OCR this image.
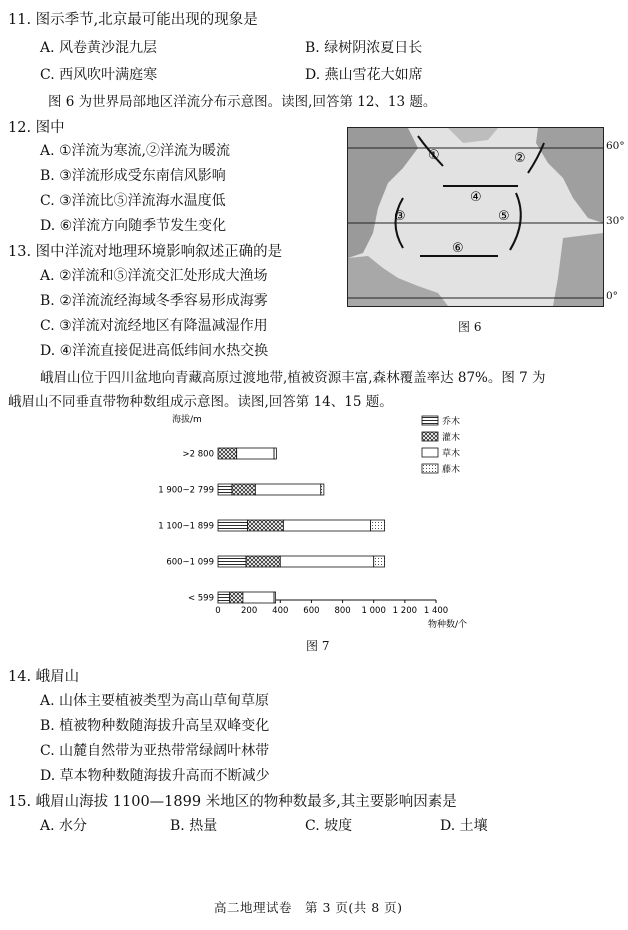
11. 图示季节,北京最可能出现的现象是
A. 风卷黄沙混九层	B. 绿树阴浓夏日长
C. 西风吹叶满庭寒	D. 燕山雪花大如席
图 6 为世界局部地区洋流分布示意图。读图,回答第 12、13 题。
12. 图中
A. ①洋流为寒流,②洋流为暖流
B. ③洋流形成受东南信风影响
C. ③洋流比⑤洋流海水温度低
D. ⑥洋流方向随季节发生变化
13. 图中洋流对地理环境影响叙述正确的是
A. ②洋流和⑤洋流交汇处形成大渔场
B. ②洋流流经海域冬季容易形成海雾
C. ③洋流对流经地区有降温减湿作用
D. ④洋流直接促进高低纬间水热交换
①	②
④
③	⑤
⑥
60°
30°
0°
图 6
峨眉山位于四川盆地向青藏高原过渡地带,植被资源丰富,森林覆盖率达 87%。图 7 为
峨眉山不同垂直带物种数组成示意图。读图,回答第 14、15 题。
海拔/m
0 200 400 600 800 1 000 1 200 1 400
物种数/个
>2 800
1 900~2 799
1 100~1 899
600~1 099
< 599
乔木
灌木
草木
藤木
图 7
14. 峨眉山
A. 山体主要植被类型为高山草甸草原
B. 植被物种数随海拔升高呈双峰变化
C. 山麓自然带为亚热带常绿阔叶林带
D. 草本物种数随海拔升高而不断减少
15. 峨眉山海拔 1100—1899 米地区的物种数最多,其主要影响因素是
A. 水分	B. 热量	C. 坡度	D. 土壤
高二地理试卷　第 3 页(共 8 页)
